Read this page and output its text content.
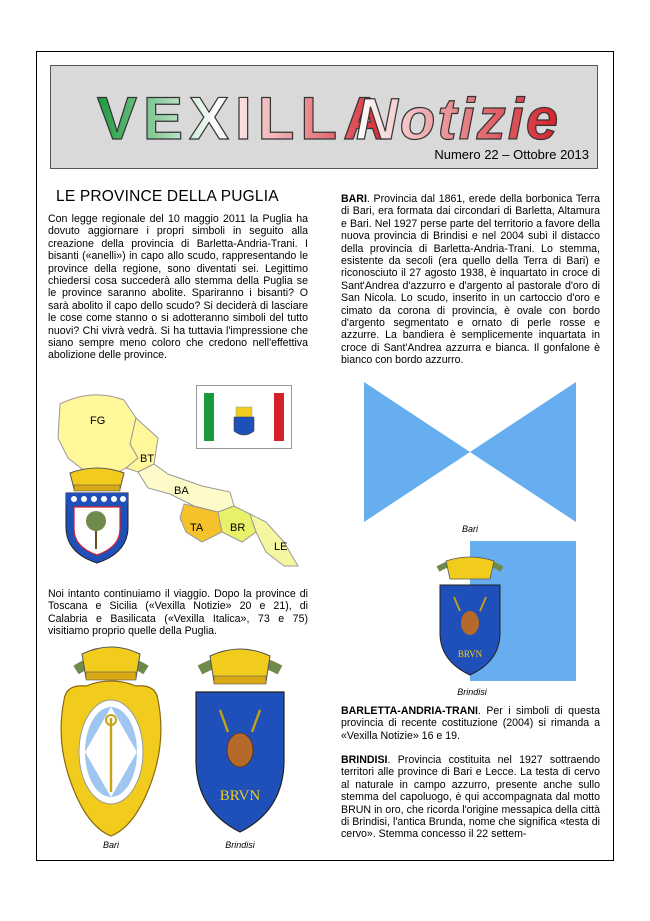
VEXILLA
Notizie
Numero 22 – Ottobre 2013
LE PROVINCE DELLA PUGLIA

Con legge regionale del 10 maggio 2011 la Puglia ha dovuto aggiornare i propri simboli in seguito alla creazione della provincia di Barletta-Andria-Trani. I bisanti («anelli») in capo allo scudo, rappresentando le province della regione, sono diventati sei. Legittimo chiedersi cosa succederà allo stemma della Puglia se le province saranno abolite. Spariranno i bisanti? O sarà abolito il capo dello scudo? Si deciderà di lasciare le cose come stanno o si adotteranno simboli del tutto nuovi? Chi vivrà vedrà. Si ha tuttavia l'impressione che siano sempre meno coloro che credono nell'effettiva abolizione delle province.

FG
BT
BA
TA BR
LE

Noi intanto continuiamo il viaggio. Dopo la province di Toscana e Sicilia («Vexilla Notizie» 20 e 21), di Calabria e Basilicata («Vexilla Italica», 73 e 75) visitiamo proprio quelle della Puglia.

Bari
BRVN
Brindisi

BARI. Provincia dal 1861, erede della borbonica Terra di Bari, era formata dai circondari di Barletta, Altamura e Bari. Nel 1927 perse parte del territorio a favore della nuova provincia di Brindisi e nel 2004 subì il distacco della provincia di Barletta-Andria-Trani. Lo stemma, esistente da secoli (era quello della Terra di Bari) e riconosciuto il 27 agosto 1938, è inquartato in croce di Sant'Andrea d'azzurro e d'argento al pastorale d'oro di San Nicola. Lo scudo, inserito in un cartoccio d'oro e cimato da corona di provincia, è ovale con bordo d'argento segmentato e ornato di perle rosse e azzurre. La bandiera è semplicemente inquartata in croce di Sant'Andrea azzurra e bianca. Il gonfalone è bianco con bordo azzurro.

Bari
BRVN
Brindisi

BARLETTA-ANDRIA-TRANI. Per i simboli di questa provincia di recente costituzione (2004) si rimanda a «Vexilla Notizie» 16 e 19.

BRINDISI. Provincia costituita nel 1927 sottraendo territori alle province di Bari e Lecce. La testa di cervo al naturale in campo azzurro, presente anche sullo stemma del capoluogo, è qui accompagnata dal motto BRUN in oro, che ricorda l'origine messapica della città di Brindisi, l'antica Brunda, nome che significa «testa di cervo». Stemma concesso il 22 settem-
